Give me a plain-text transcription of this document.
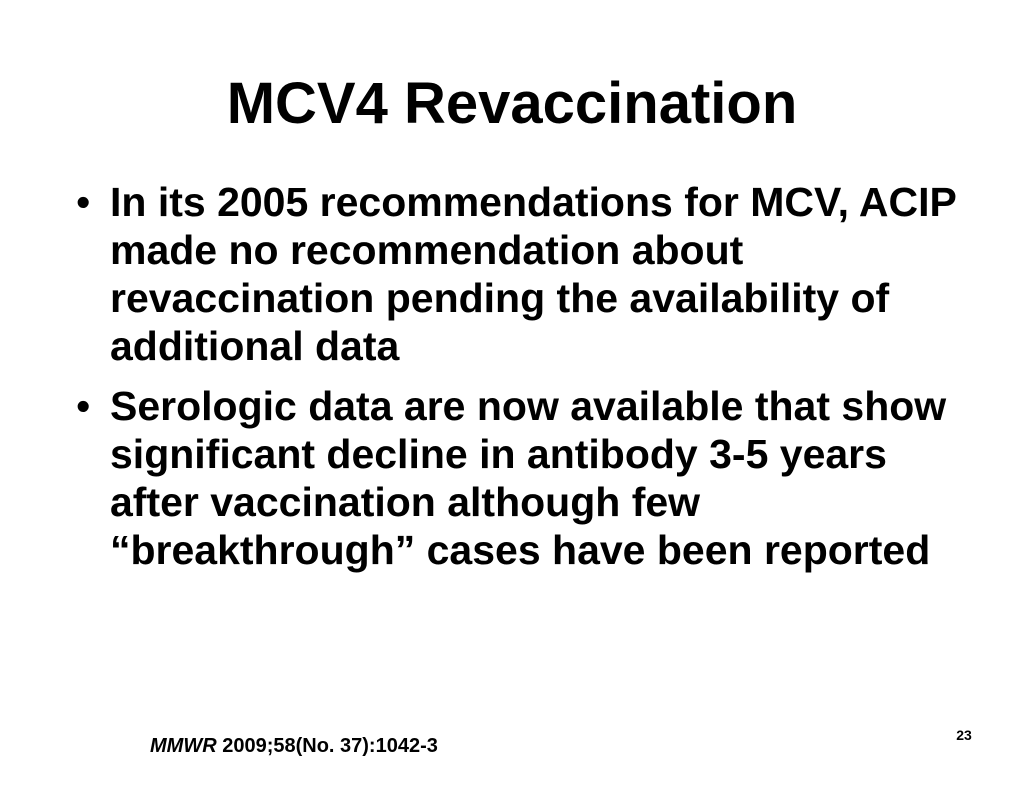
MCV4 Revaccination
• In its 2005 recommendations for MCV, ACIP made no recommendation about revaccination pending the availability of additional data
• Serologic data are now available that show significant decline in antibody 3-5 years after vaccination although few “breakthrough” cases have been reported
MMWR 2009;58(No. 37):1042-3	23
